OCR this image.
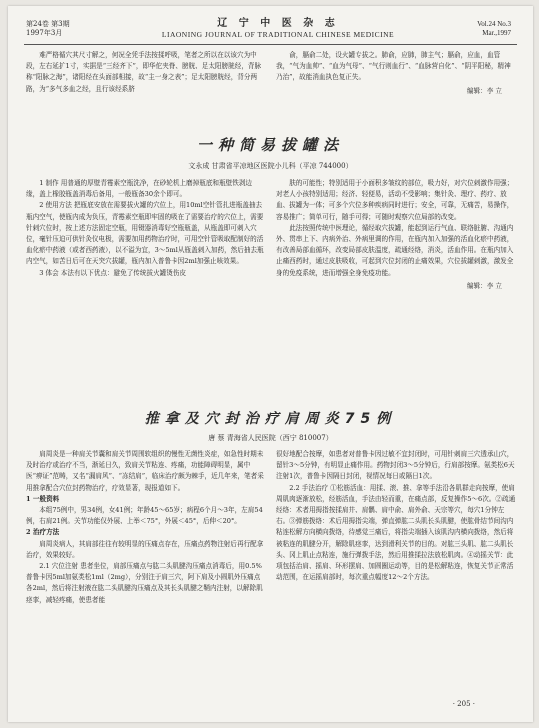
第24卷 第3期
1997年3月
辽 宁 中 医 杂 志
LIAONING JOURNAL OF TRADITIONAL CHINESE MEDICINE
Vol.24 No.3
Mar.,1997

难严格循穴其尺寸解之，何况全凭手法按揉呼吸，笔者之所以在以该穴为中段，左右延扩1寸，实据是“三经齐下”，即华佗夹脊、膀胱、足太阳膀胱经，背脉称“阳脉之海”，诸阳经在头面部相接，故“主一身之表”；足太阳膀胱经，背分两路，为“多气多血之经，且行该经系脐

俞，膈俞二处，设火罐专拔之。肺俞，应肺，肺主气；膈俞，应血，血管我，“气为血帅”、“血为气母”、“气行则血行”、“血脉营自化”、“阴平阳秘，精神乃治”，故能消血执色复正失。

编辑：李 立
一种简易拔罐法
文永成 甘肃省平凉地区医院小儿科（平凉 744000）

1 制作 用普通的厚壁青霉素空瓶洗净，在砂轮机上磨掉瓶底和瓶壁铁剥边缘，盖上橡胶瓶盖消毒后备用，一般瓶备30余个即可。

2 使用方法 把瓶底安放在需要拔火罐的穴位上，用10ml空针管扎进瓶盖抽去瓶内空气，使瓶内成为负压，青霉素空瓶即牢固的吸在了需要治疗的穴位上，需要针刺穴位时，按上述方法固定空瓶，用镊器消毒好空瓶瓶盖，从瓶盖即可刺入穴位，毫针压迫可供针灸仪电极，需要加用药物治疗时，可用空针管吸取配制好的活血化瘀中药液（或者西药液），以不溢为宜，3～5ml从瓶盖刺入加药，然后抽去瓶内空气，如苦日后可在天突穴拔罐，瓶内加入普鲁卡因2ml加强止咳效果。

3 体会 本法有以下优点：避免了传统拔火罐烫伤皮

肤的可能性；特别适用于小面积多皱纹的部位，吸力好，对穴位刺激作用强；对老人小孩特别适用；经济、轻便易，活动不受影响；集针灸、理疗、药疗、放血、拔罐为一体；可多个穴位多种疾病同时进行；安全，可靠，无痛苦，易操作，容易推广；简单可行，随手可得；可随时观察穴位局部的改变。

此法按照传统中医理论，循经取穴拔罐，能起到运行气血、联络脏腑、沟通内外、贯串上下、内病外治、外病里调的作用，在瓶内加入加强的活血化瘀中药液，有改善局部血循环，改变局部皮肤温度，疏通经络，消炎，活血作用。在瓶内加入止痛西药时，通过皮肤吸收，可起到穴位封闭的止痛效果，穴位拔罐刺激，激发全身的免疫系统，进而增强全身免疫功能。

编辑：李 立
推拿及穴封治疗肩周炎75例
唐 蔡 青海省人民医院（西宁 810007）

肩周炎是一种肩关节囊和肩关节周围软组织的慢性无菌性炎症，如急性时期未及时治疗或治疗不当，渐延日久，致肩关节粘连、疼痛，功能障碍明显，属中医“痹证”范畴，又名“漏肩风”、“冻结肩”，临床治疗颇为棘手，近几年来，笔者采用推拿配合穴位封药物治疗，疗效显著，现报道如下。

1 一般资料

本组75例中，男34例，女41例；年龄45～65岁；病程6个月～3年，左肩54例，右肩21例。关节功能仅外展、上举＜75°，外展＜45°，后伸＜20°。

2 治疗方法

肩周炎病人，其肩部往往有较明显的压痛点存在，压痛点药物注射后再行配拿治疗，效果较好。

2.1 穴位注射 患者坐位，肩部压痛点与肱二头肌腱沟压痛点消毒后，用0.5%普鲁卡因5ml加氨类松1ml（2mg），分别注于肩三穴，阿下肩及小圆肌外压痛点各2ml，然后将注射液在肱二头肌腱沟压痛点及其长头肌腱之鞘内注射，以解除肌痉挛，减轻疼痛，使患者能

很好地配合按摩，如患者对普鲁卡因过敏不宜封闭时，可用针刺肩三穴透承山穴，留针3～5分钟，有明显止痛作用。药物封闭3～5分钟后，行肩部按摩。氨类松6天注射1次，普鲁卡因隔日封闭，视情况每日或隔日1次。

2.2 手法治疗 ①松筋活血：用揉、滚、推、拿等手法沿各肌群走向按摩，使肩周肌肉逐渐放松，经筋活血，手法由轻而重，在痛点部，反复操作5～6次。②疏通经络：术者用拇指按揉肩井、肩髃、肩中俞、肩外俞、天宗等穴，每穴1分钟左右。③弹筋拨络：术后用拇指尖端，弹直弹肱二头肌长头肌腱，使肱骨结节间沟内粘连松解方向横向拨络，待感觉三痛后，将指尖端插入该肌沟内横向拨络，然后将被粘连的肌腱分开，解除肌痉挛，达到滑利关节的目的。对肱三头肌、肱二头肌长头、冈上肌止点粘连，施行弹拨手法，然后用推揉拉法放松肌肉。④动摇关节：此项包括治肩、摇肩、环形摆肩、加圆圈运动等，目的是松解粘连，恢复关节正常活动范围，在运摇肩部时，每次重点幅度12～2个方法。

· 205 ·
